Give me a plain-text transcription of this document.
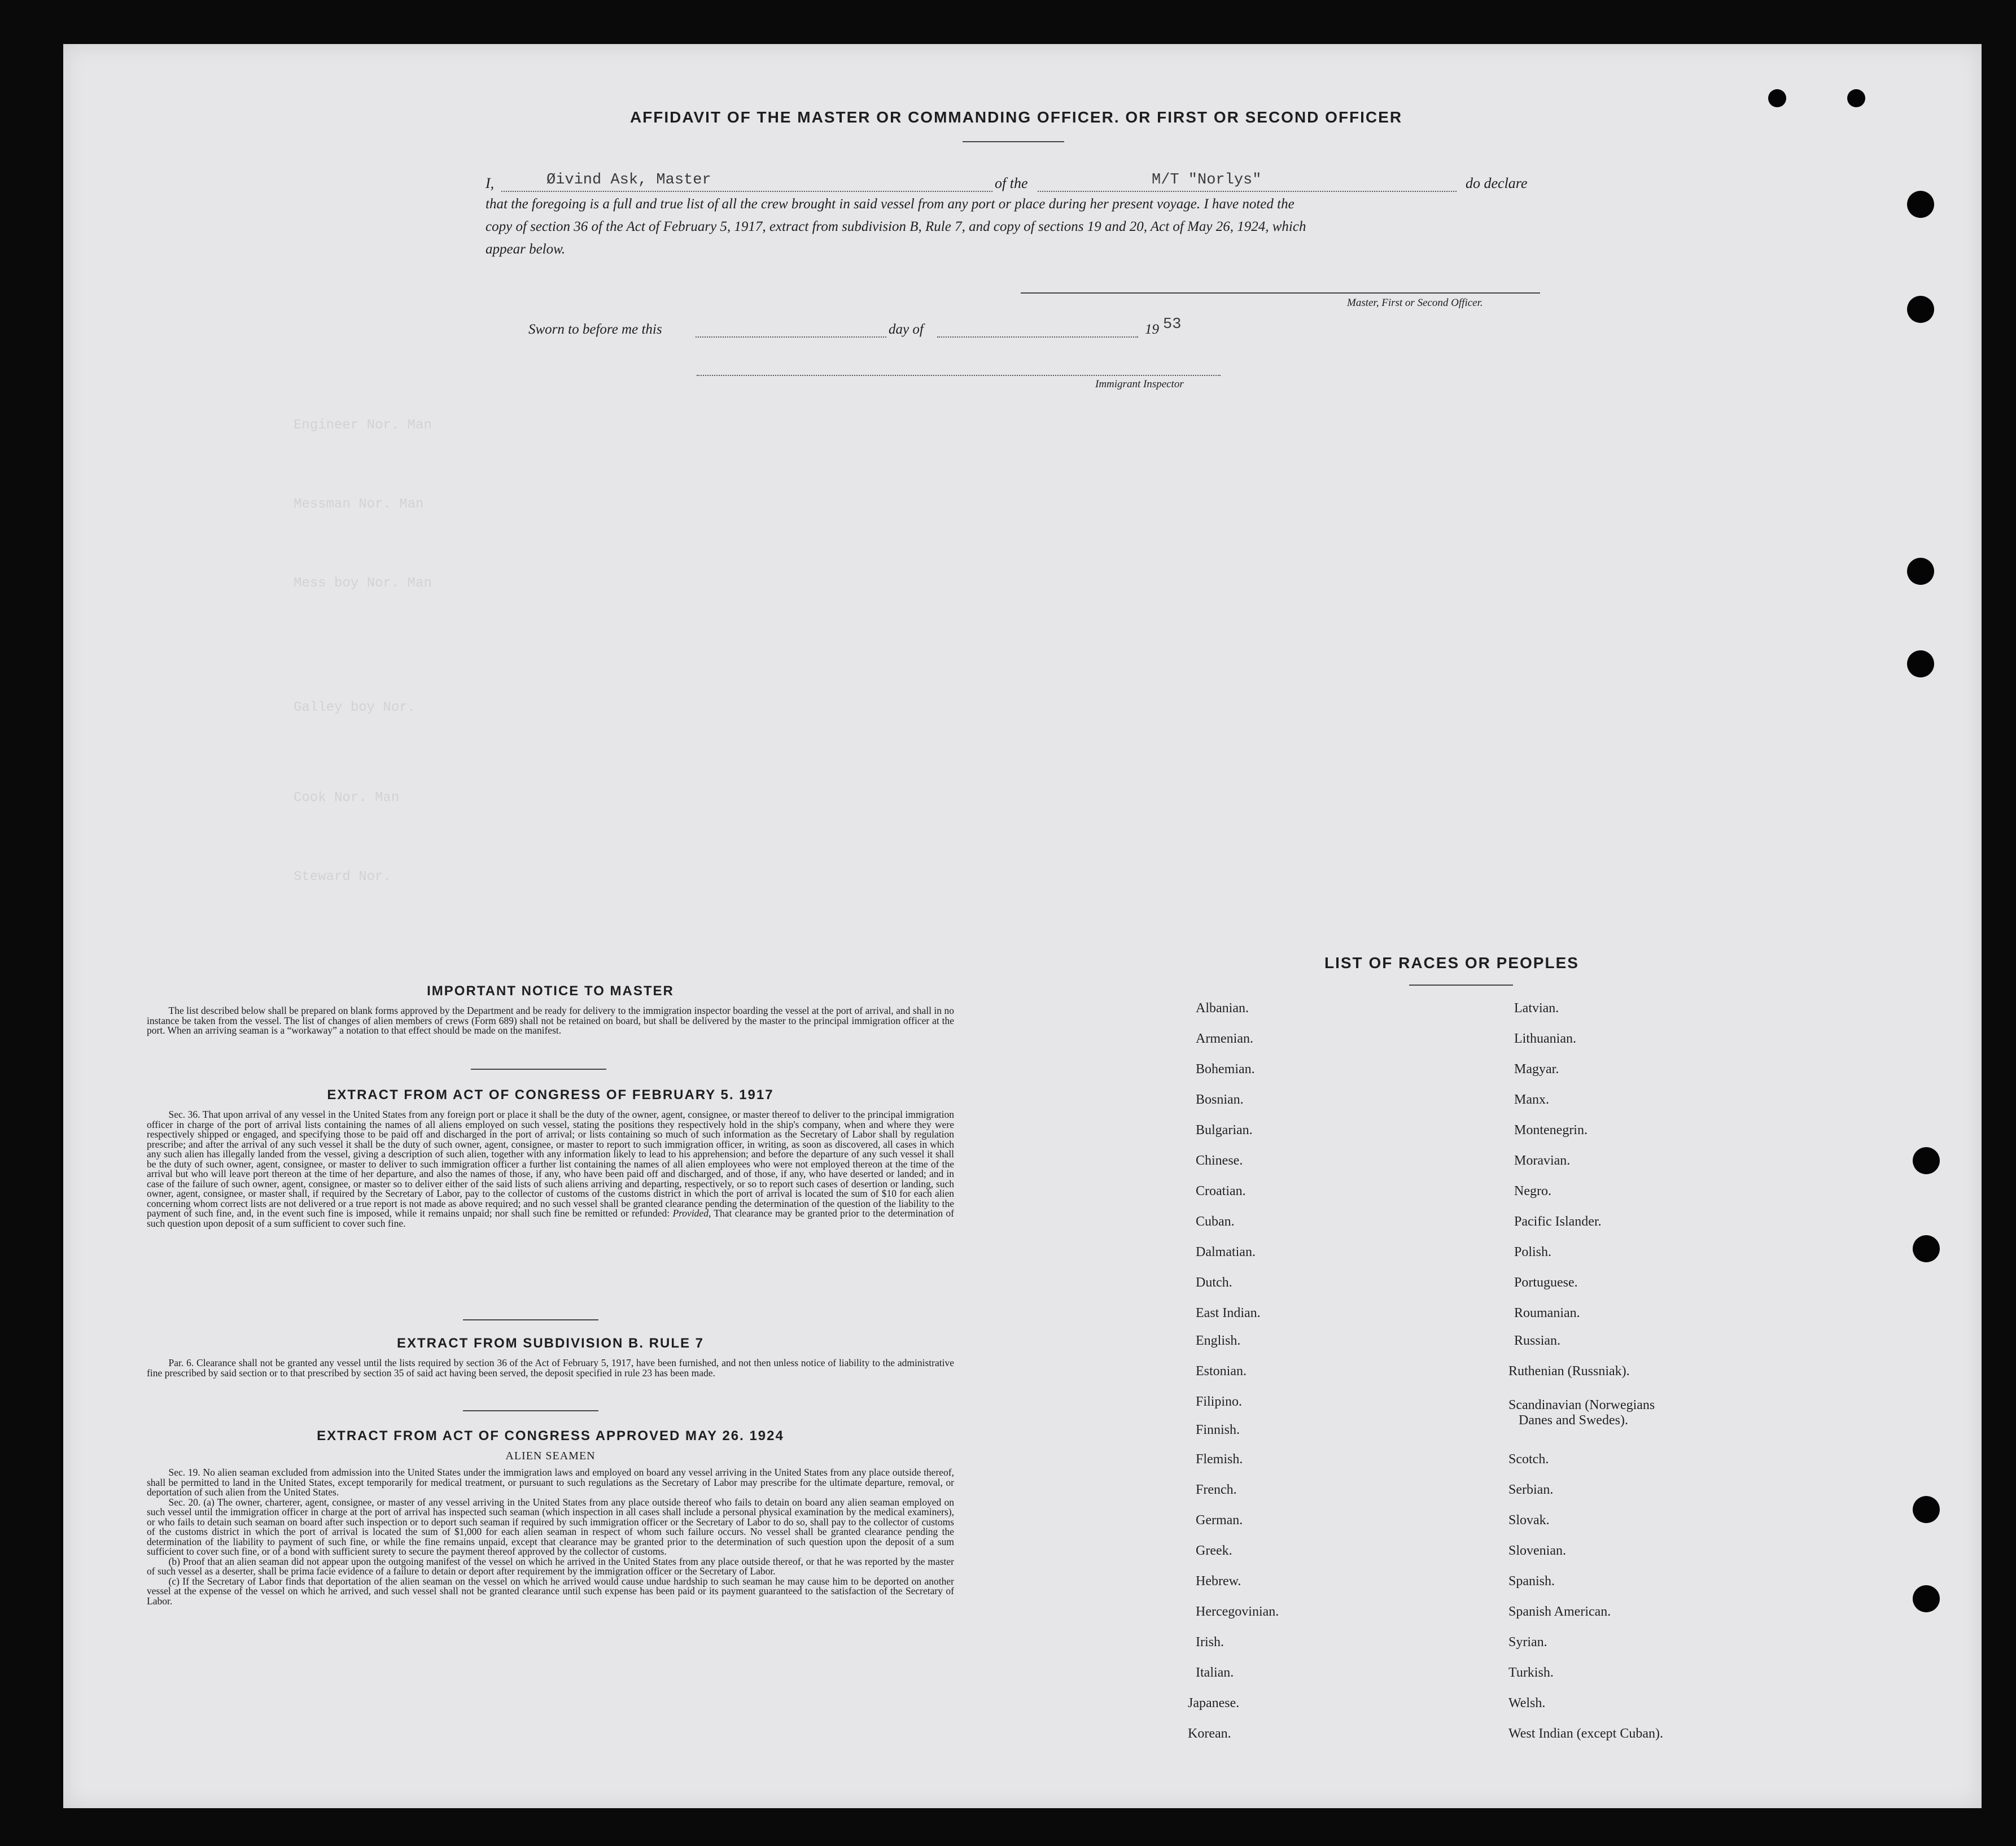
Engineer Nor. Man
Messman Nor. Man
Mess boy Nor. Man
Galley boy Nor.
Cook Nor. Man
Steward Nor.
AFFIDAVIT OF THE MASTER OR COMMANDING OFFICER. OR FIRST OR SECOND OFFICER
I,	Øivind Ask, Master	of the	M/T "Norlys"	do declare
that the foregoing is a full and true list of all the crew brought in said vessel from any port or place during her present voyage. I have noted the
copy of section 36 of the Act of February 5, 1917, extract from subdivision B, Rule 7, and copy of sections 19 and 20, Act of May 26, 1924, which
appear below.
Master, First or Second Officer.
Sworn to before me this	day of	19 53
Immigrant Inspector
IMPORTANT NOTICE TO MASTER
The list described below shall be prepared on blank forms approved by the Department and be ready for delivery to the immigration inspector boarding the vessel at the port of arrival, and shall in no instance be taken from the vessel. The list of changes of alien members of crews (Form 689) shall not be retained on board, but shall be delivered by the master to the principal immigration officer at the port. When an arriving seaman is a “workaway” a notation to that effect should be made on the manifest.
EXTRACT FROM ACT OF CONGRESS OF FEBRUARY 5. 1917
Sec. 36. That upon arrival of any vessel in the United States from any foreign port or place it shall be the duty of the owner, agent, consignee, or master thereof to deliver to the principal immigration officer in charge of the port of arrival lists containing the names of all aliens employed on such vessel, stating the positions they respectively hold in the ship's company, when and where they were respectively shipped or engaged, and specifying those to be paid off and discharged in the port of arrival; or lists containing so much of such information as the Secretary of Labor shall by regulation prescribe; and after the arrival of any such vessel it shall be the duty of such owner, agent, consignee, or master to report to such immigration officer, in writing, as soon as discovered, all cases in which any such alien has illegally landed from the vessel, giving a description of such alien, together with any information likely to lead to his apprehension; and before the departure of any such vessel it shall be the duty of such owner, agent, consignee, or master to deliver to such immigration officer a further list containing the names of all alien employees who were not employed thereon at the time of the arrival but who will leave port thereon at the time of her departure, and also the names of those, if any, who have been paid off and discharged, and of those, if any, who have deserted or landed; and in case of the failure of such owner, agent, consignee, or master so to deliver either of the said lists of such aliens arriving and departing, respectively, or so to report such cases of desertion or landing, such owner, agent, consignee, or master shall, if required by the Secretary of Labor, pay to the collector of customs of the customs district in which the port of arrival is located the sum of $10 for each alien concerning whom correct lists are not delivered or a true report is not made as above required; and no such vessel shall be granted clearance pending the determination of the question of the liability to the payment of such fine, and, in the event such fine is imposed, while it remains unpaid; nor shall such fine be remitted or refunded: Provided, That clearance may be granted prior to the determination of such question upon deposit of a sum sufficient to cover such fine.
EXTRACT FROM SUBDIVISION B. RULE 7
Par. 6. Clearance shall not be granted any vessel until the lists required by section 36 of the Act of February 5, 1917, have been furnished, and not then unless notice of liability to the administrative fine prescribed by said section or to that prescribed by section 35 of said act having been served, the deposit specified in rule 23 has been made.
EXTRACT FROM ACT OF CONGRESS APPROVED MAY 26. 1924
ALIEN SEAMEN
Sec. 19. No alien seaman excluded from admission into the United States under the immigration laws and employed on board any vessel arriving in the United States from any place outside thereof, shall be permitted to land in the United States, except temporarily for medical treatment, or pursuant to such regulations as the Secretary of Labor may prescribe for the ultimate departure, removal, or deportation of such alien from the United States.
Sec. 20. (a) The owner, charterer, agent, consignee, or master of any vessel arriving in the United States from any place outside thereof who fails to detain on board any alien seaman employed on such vessel until the immigration officer in charge at the port of arrival has inspected such seaman (which inspection in all cases shall include a personal physical examination by the medical examiners), or who fails to detain such seaman on board after such inspection or to deport such seaman if required by such immigration officer or the Secretary of Labor to do so, shall pay to the collector of customs of the customs district in which the port of arrival is located the sum of $1,000 for each alien seaman in respect of whom such failure occurs. No vessel shall be granted clearance pending the determination of the liability to payment of such fine, or while the fine remains unpaid, except that clearance may be granted prior to the determination of such question upon the deposit of a sum sufficient to cover such fine, or of a bond with sufficient surety to secure the payment thereof approved by the collector of customs.
(b) Proof that an alien seaman did not appear upon the outgoing manifest of the vessel on which he arrived in the United States from any place outside thereof, or that he was reported by the master of such vessel as a deserter, shall be prima facie evidence of a failure to detain or deport after requirement by the immigration officer or the Secretary of Labor.
(c) If the Secretary of Labor finds that deportation of the alien seaman on the vessel on which he arrived would cause undue hardship to such seaman he may cause him to be deported on another vessel at the expense of the vessel on which he arrived, and such vessel shall not be granted clearance until such expense has been paid or its payment guaranteed to the satisfaction of the Secretary of Labor.
LIST OF RACES OR PEOPLES
Albanian.
Armenian.
Bohemian.
Bosnian.
Bulgarian.
Chinese.
Croatian.
Cuban.
Dalmatian.
Dutch.
East Indian.
English.
Estonian.
Filipino.
Finnish.
Flemish.
French.
German.
Greek.
Hebrew.
Hercegovinian.
Irish.
Italian.
Japanese.
Korean.
Latvian.
Lithuanian.
Magyar.
Manx.
Montenegrin.
Moravian.
Negro.
Pacific Islander.
Polish.
Portuguese.
Roumanian.
Russian.
Ruthenian (Russniak).
Scandinavian (Norwegians
Danes and Swedes).
Scotch.
Serbian.
Slovak.
Slovenian.
Spanish.
Spanish American.
Syrian.
Turkish.
Welsh.
West Indian (except Cuban).
